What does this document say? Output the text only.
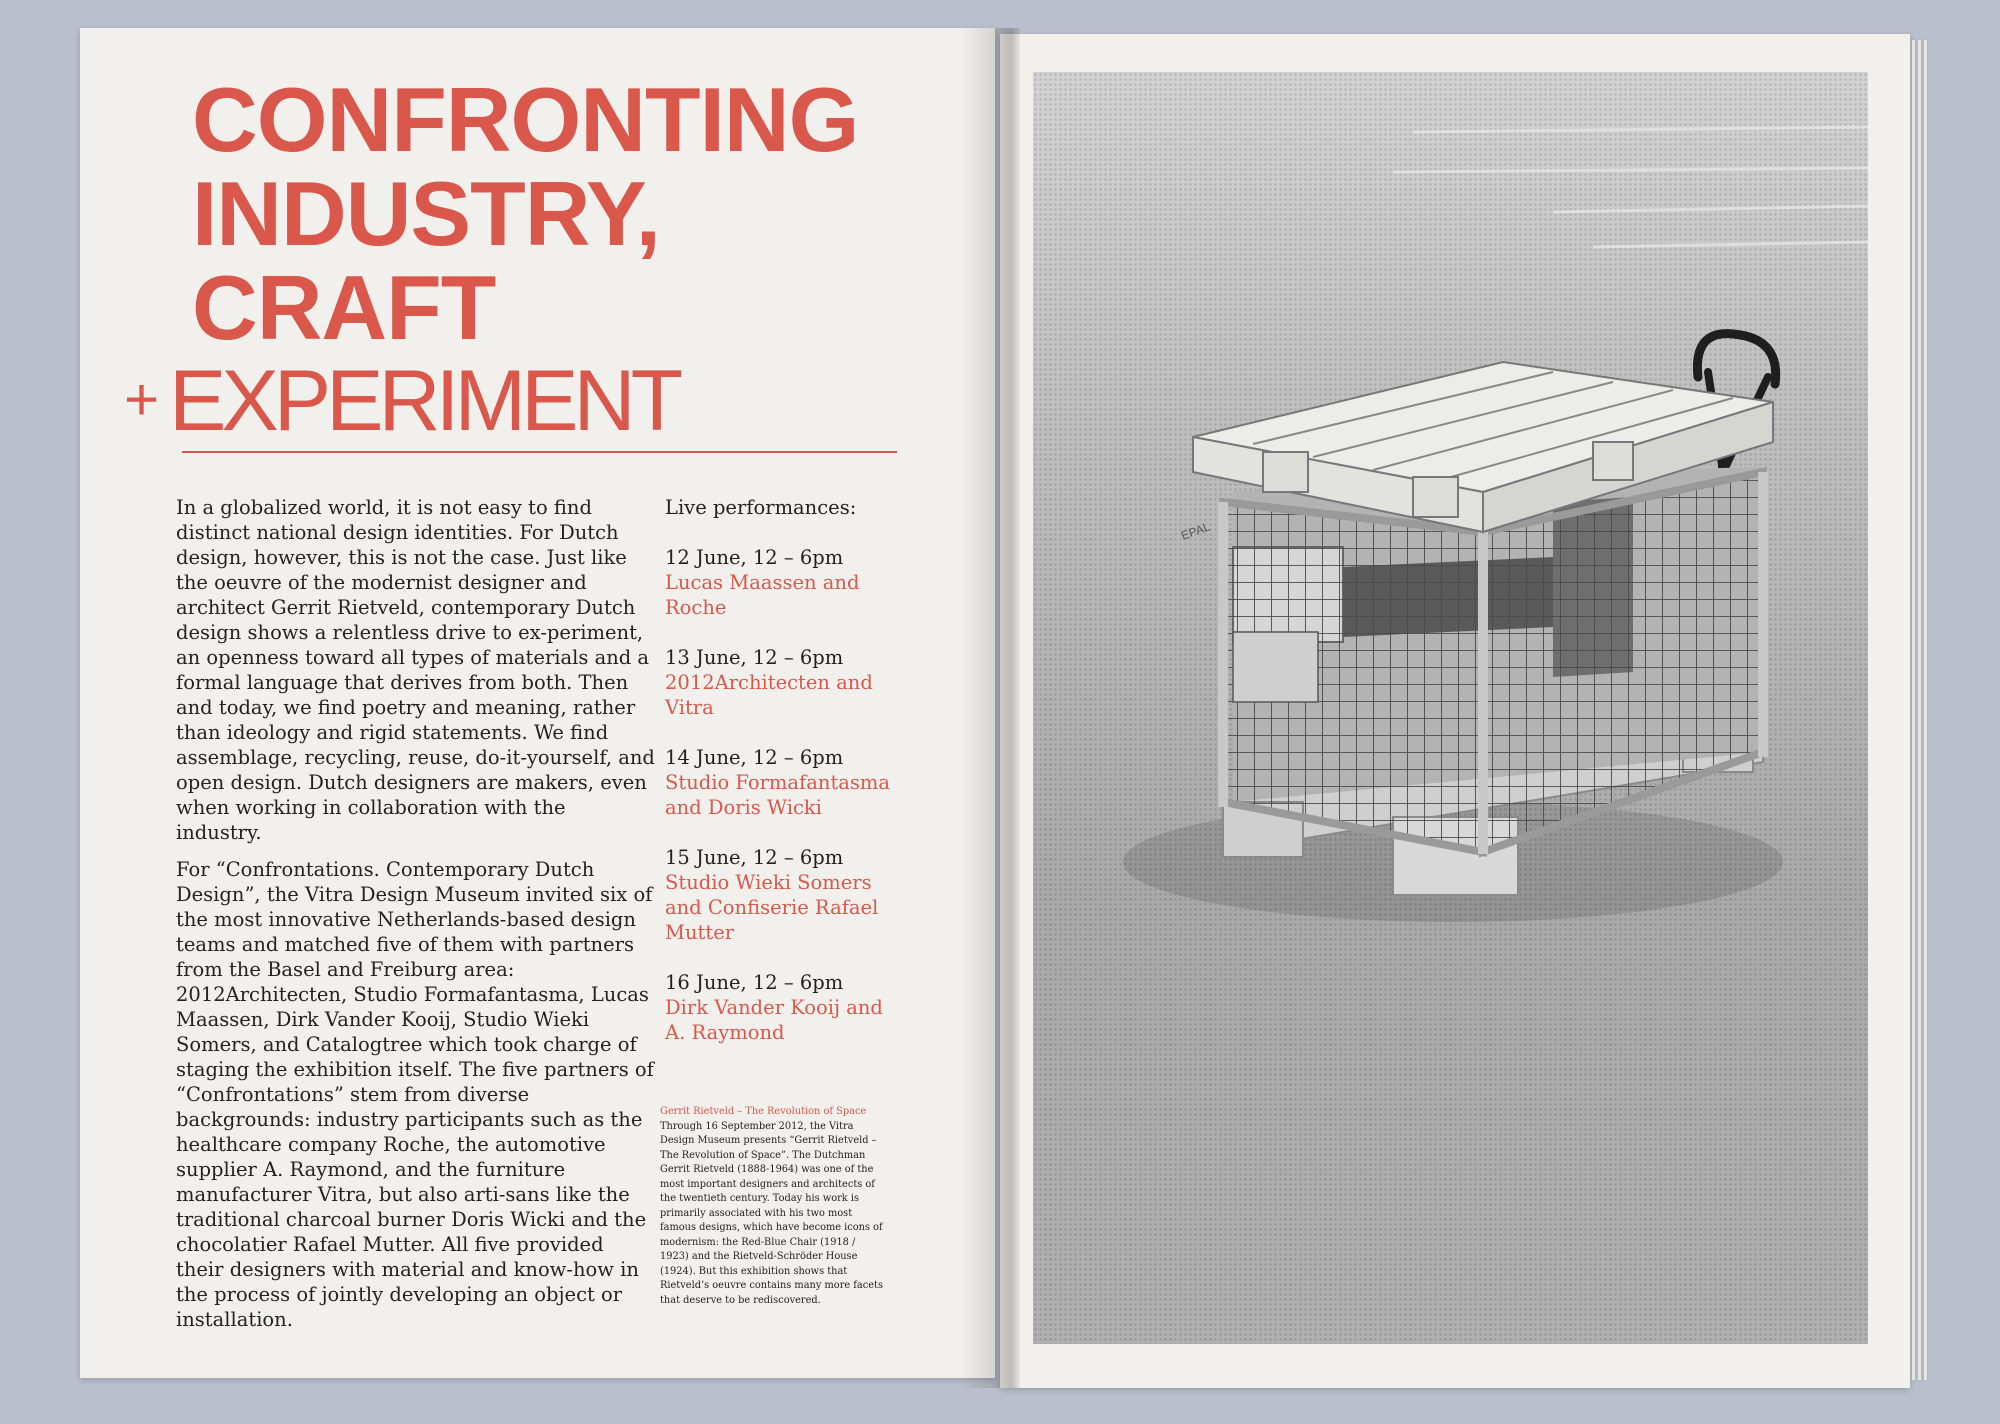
CONFRONTING
INDUSTRY,
CRAFT
+ EXPERIMENT

In a globalized world, it is not easy to find distinct national design identities. For Dutch design, however, this is not the case. Just like the oeuvre of the modernist designer and architect Gerrit Rietveld, contemporary Dutch design shows a relentless drive to ex-periment, an openness toward all types of materials and a formal language that derives from both. Then and today, we find poetry and meaning, rather than ideology and rigid statements. We find assemblage, recycling, reuse, do-it-yourself, and open design. Dutch designers are makers, even when working in collaboration with the industry.

For “Confrontations. Contemporary Dutch Design”, the Vitra Design Museum invited six of the most innovative Netherlands-based design teams and matched five of them with partners from the Basel and Freiburg area: 2012Architecten, Studio Formafantasma, Lucas Maassen, Dirk Vander Kooij, Studio Wieki Somers, and Catalogtree which took charge of staging the exhibition itself. The five partners of “Confrontations” stem from diverse backgrounds: industry participants such as the healthcare company Roche, the automotive supplier A. Raymond, and the furniture manufacturer Vitra, but also arti-sans like the traditional charcoal burner Doris Wicki and the chocolatier Rafael Mutter. All five provided their designers with material and know-how in the process of jointly developing an object or installation.

Live performances:

12 June, 12 – 6pm
Lucas Maassen and Roche
13 June, 12 – 6pm
2012Architecten and Vitra
14 June, 12 – 6pm
Studio Formafantasma and Doris Wicki
15 June, 12 – 6pm
Studio Wieki Somers and Confiserie Rafael Mutter
16 June, 12 – 6pm
Dirk Vander Kooij and A. Raymond
Gerrit Rietveld – The Revolution of Space
Through 16 September 2012, the Vitra Design Museum presents “Gerrit Rietveld – The Revolution of Space”. The Dutchman Gerrit Rietveld (1888-1964) was one of the most important designers and architects of the twentieth century. Today his work is primarily associated with his two most famous designs, which have become icons of modernism: the Red-Blue Chair (1918 / 1923) and the Rietveld-Schröder House (1924). But this exhibition shows that Rietveld’s oeuvre contains many more facets that deserve to be rediscovered.
EPAL
